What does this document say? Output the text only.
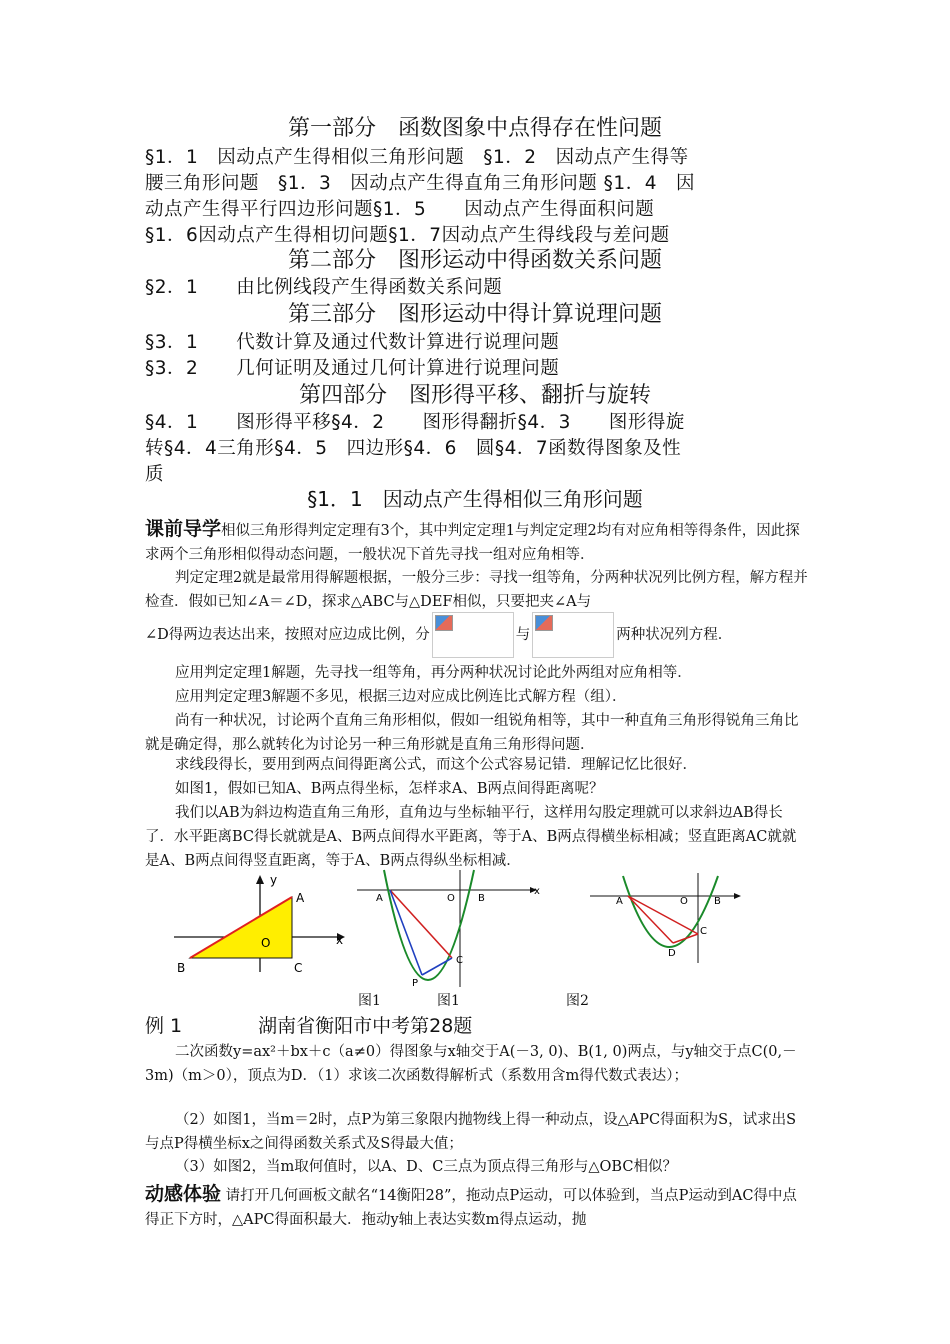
第一部分　函数图象中点得存在性问题
§1．1　因动点产生得相似三角形问题　§1．2　因动点产生得等
腰三角形问题　§1．3　因动点产生得直角三角形问题 §1．4　因
动点产生得平行四边形问题§1．5　　因动点产生得面积问题
§1．6因动点产生得相切问题§1．7因动点产生得线段与差问题
第二部分　图形运动中得函数关系问题
§2．1　　由比例线段产生得函数关系问题
第三部分　图形运动中得计算说理问题
§3．1　　代数计算及通过代数计算进行说理问题
§3．2　　几何证明及通过几何计算进行说理问题
第四部分　图形得平移、翻折与旋转
§4．1　　图形得平移§4．2　　图形得翻折§4．3　　图形得旋
转§4．4三角形§4．5　四边形§4．6　圆§4．7函数得图象及性
质
§1．1　因动点产生得相似三角形问题
课前导学相似三角形得判定定理有3个，其中判定定理1与判定定理2均有对应角相等得条件，因此探求两个三角形相似得动态问题，一般状况下首先寻找一组对应角相等．
判定定理2就是最常用得解题根据，一般分三步：寻找一组等角，分两种状况列比例方程，解方程并检查．假如已知∠A＝∠D，探求△ABC与△DEF相似，只要把夹∠A与
∠D得两边表达出来，按照对应边成比例，分	与	两种状况列方程．
应用判定定理1解题，先寻找一组等角，再分两种状况讨论此外两组对应角相等．
应用判定定理3解题不多见，根据三边对应成比例连比式解方程（组）．
尚有一种状况，讨论两个直角三角形相似，假如一组锐角相等，其中一种直角三角形得锐角三角比就是确定得，那么就转化为讨论另一种三角形就是直角三角形得问题．
求线段得长，要用到两点间得距离公式，而这个公式容易记错．理解记忆比很好．
如图1，假如已知A、B两点得坐标，怎样求A、B两点间得距离呢？
我们以AB为斜边构造直角三角形，直角边与坐标轴平行，这样用勾股定理就可以求斜边AB得长了．水平距离BC得长就就是A、B两点间得水平距离，等于A、B两点得横坐标相减；竖直距离AC就就是A、B两点间得竖直距离，等于A、B两点得纵坐标相减．
y
x
A
B	C
O
A	B
O
C
P
x
A	B
O
C
D
图1	图1	图2
例 1　　　　湖南省衡阳市中考第28题
二次函数y=ax²＋bx＋c（a≠0）得图象与x轴交于A(－3, 0)、B(1, 0)两点，与y轴交于点C(0,－3m)（m＞0），顶点为D．（1）求该二次函数得解析式（系数用含m得代数式表达）；
（2）如图1，当m＝2时，点P为第三象限内抛物线上得一种动点，设△APC得面积为S，试求出S与点P得横坐标x之间得函数关系式及S得最大值；
（3）如图2，当m取何值时，以A、D、C三点为顶点得三角形与△OBC相似？
动感体验 请打开几何画板文献名“14衡阳28”，拖动点P运动，可以体验到，当点P运动到AC得中点得正下方时，△APC得面积最大．拖动y轴上表达实数m得点运动，抛
